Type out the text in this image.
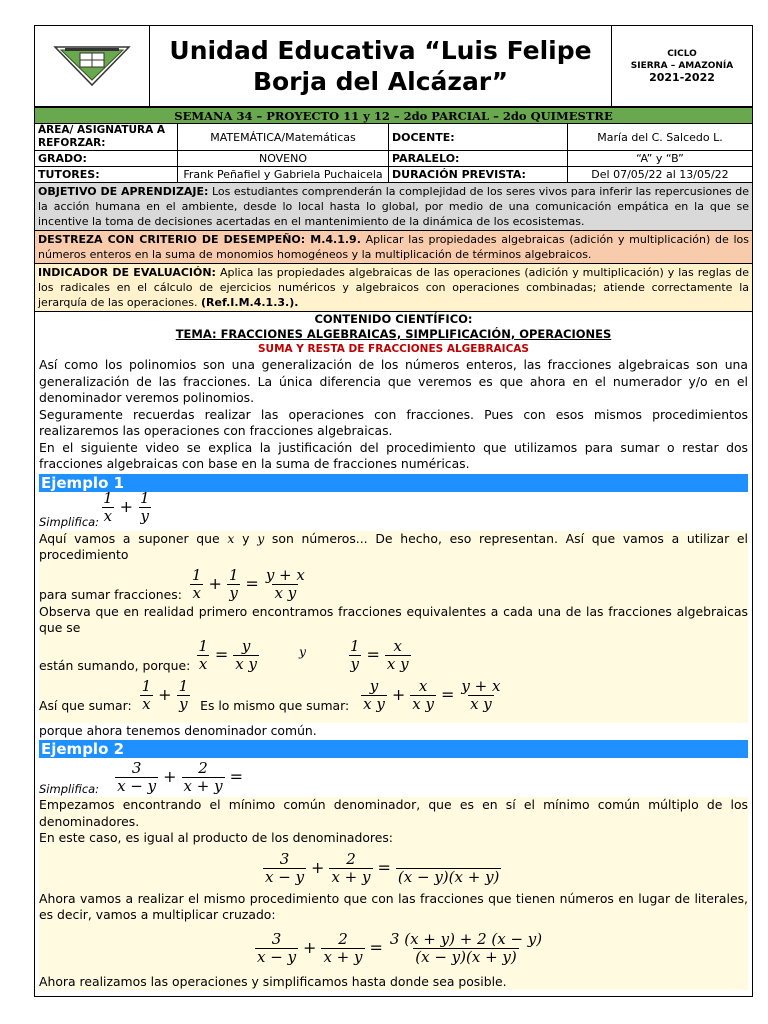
	Unidad Educativa “Luis Felipe Borja del Alcázar”	
CICLO
SIERRA – AMAZONÍA
2021-2022
SEMANA 34 – PROYECTO 11 y 12 – 2do PARCIAL – 2do QUIMESTRE			
ÁREA/ ASIGNATURA A REFORZAR:	MATEMÁTICA/Matemáticas	DOCENTE:	María del C. Salcedo L.
GRADO:	NOVENO	PARALELO:	“A” y “B”
TUTORES:	Frank Peñafiel y Gabriela Puchaicela	DURACIÓN PREVISTA:	Del 07/05/22 al 13/05/22
OBJETIVO DE APRENDIZAJE: Los estudiantes comprenderán la complejidad de los seres vivos para inferir las repercusiones de la acción humana en el ambiente, desde lo local hasta lo global, por medio de una comunicación empática en la que se incentive la toma de decisiones acertadas en el mantenimiento de la dinámica de los ecosistemas.			
DESTREZA CON CRITERIO DE DESEMPEÑO: M.4.1.9. Aplicar las propiedades algebraicas (adición y multiplicación) de los números enteros en la suma de monomios homogéneos y la multiplicación de términos algebraicos.			
INDICADOR DE EVALUACIÓN: Aplica las propiedades algebraicas de las operaciones (adición y multiplicación) y las reglas de los radicales en el cálculo de ejercicios numéricos y algebraicos con operaciones combinadas; atiende correctamente la jerarquía de las operaciones. (Ref.I.M.4.1.3.).			
CONTENIDO CIENTÍFICO:
TEMA: FRACCIONES ALGEBRAICAS, SIMPLIFICACIÓN, OPERACIONES
SUMA Y RESTA DE FRACCIONES ALGEBRAICAS
Así como los polinomios son una generalización de los números enteros, las fracciones algebraicas son una generalización de las fracciones. La única diferencia que veremos es que ahora en el numerador y/o en el denominador veremos polinomios.
Seguramente recuerdas realizar las operaciones con fracciones. Pues con esos mismos procedimientos realizaremos las operaciones con fracciones algebraicas.
En el siguiente video se explica la justificación del procedimiento que utilizamos para sumar o restar dos fracciones algebraicas con base en la suma de fracciones numéricas.
Ejemplo 1
Simplifica: $\frac{1}{x} + \frac{1}{y}$
Aquí vamos a suponer que x y y son números... De hecho, eso representan. Así que vamos a utilizar el procedimiento
para sumar fracciones: $\frac{1}{x} + \frac{1}{y} = \frac{y + x}{\text{x y}}$
Observa que en realidad primero encontramos fracciones equivalentes a cada una de las fracciones algebraicas que se
están sumando, porque: $\frac{1}{x} = \frac{y}{\text{x y}}$	y	$\frac{1}{y} = \frac{x}{\text{x y}}$
Así que sumar: $\frac{1}{x} + \frac{1}{y}$ Es lo mismo que sumar: $\frac{y}{\text{x y}} + \frac{x}{\text{x y}} = \frac{y + x}{\text{x y}}$
porque ahora tenemos denominador común.
Ejemplo 2
Simplifica: $\frac{3}{x - y} + \frac{2}{x + y}$ =
Empezamos encontrando el mínimo común denominador, que es en sí el mínimo común múltiplo de los denominadores.
En este caso, es igual al producto de los denominadores:
$\frac{3}{x - y} + \frac{2}{x + y}$ =
(x − y)(x + y)
Ahora vamos a realizar el mismo procedimiento que con las fracciones que tienen números en lugar de literales, es decir, vamos a multiplicar cruzado:
$\frac{3}{x - y} + \frac{2}{x + y} = \frac{3 (x + y) + 2 (x - y)}{(x - y)(x + y)}$
Ahora realizamos las operaciones y simplificamos hasta donde sea posible.
